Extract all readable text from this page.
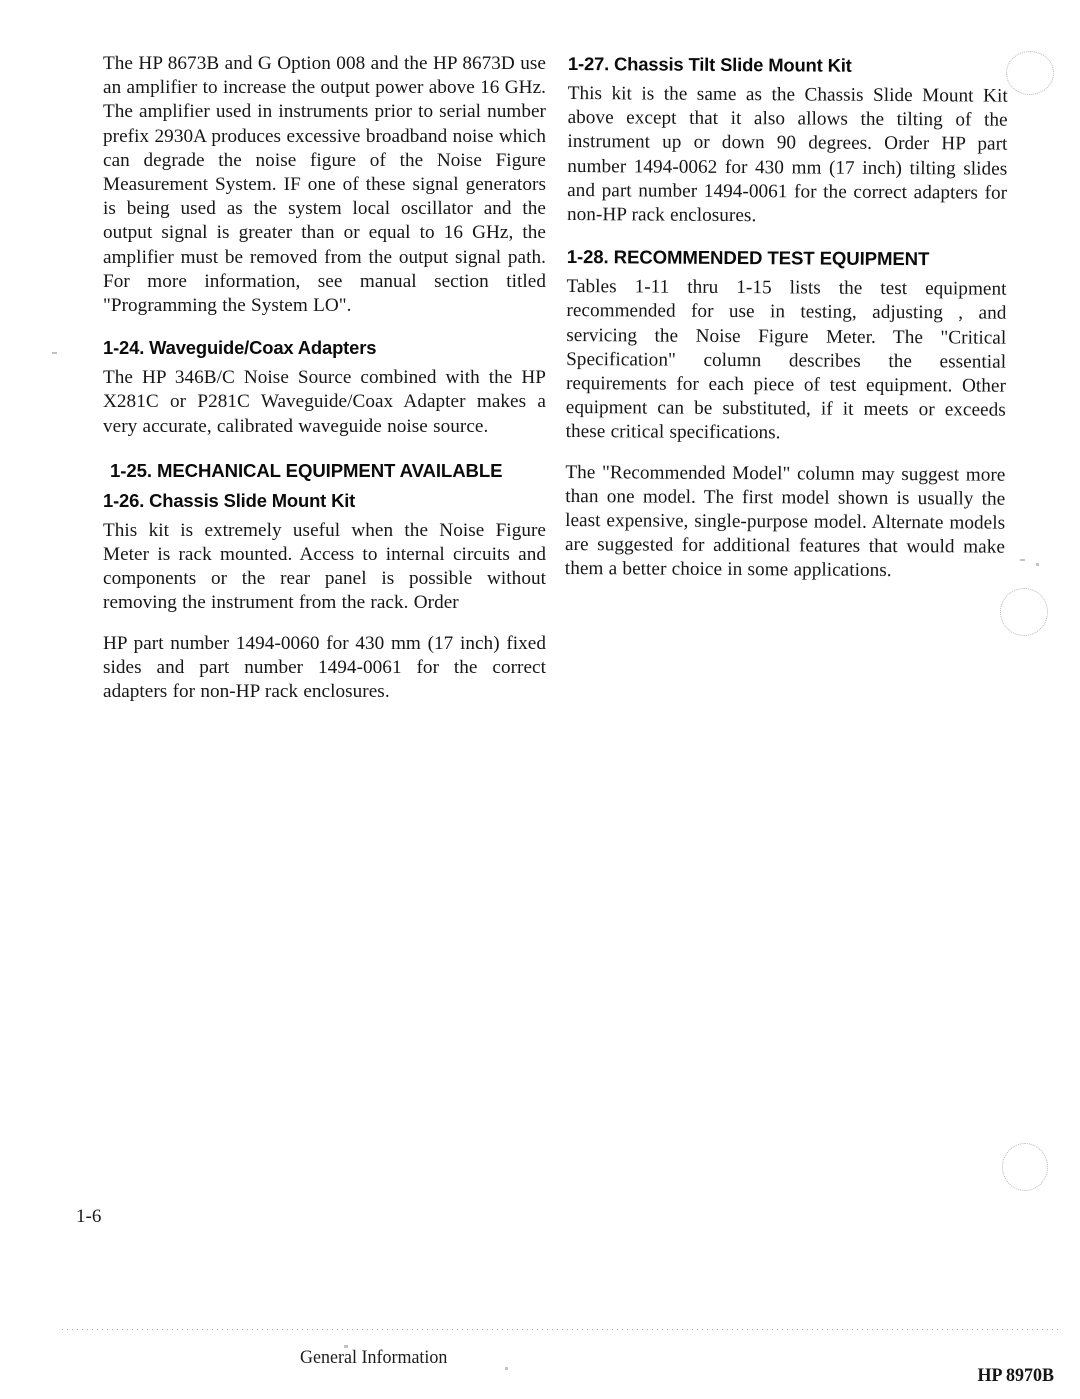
The HP 8673B and G Option 008 and the HP 8673D use an amplifier to increase the output power above 16 GHz. The amplifier used in instruments prior to serial number prefix 2930A produces excessive broadband noise which can degrade the noise figure of the Noise Figure Measurement System. IF one of these signal generators is being used as the system local oscillator and the output signal is greater than or equal to 16 GHz, the amplifier must be removed from the output signal path. For more information, see manual section titled "Programming the System LO".

1-24. Waveguide/Coax Adapters

The HP 346B/C Noise Source combined with the HP X281C or P281C Waveguide/Coax Adapter makes a very accurate, calibrated waveguide noise source.

1-25. MECHANICAL EQUIPMENT AVAILABLE
1-26. Chassis Slide Mount Kit

This kit is extremely useful when the Noise Figure Meter is rack mounted. Access to internal circuits and components or the rear panel is possible without removing the instrument from the rack. Order

HP part number 1494-0060 for 430 mm (17 inch) fixed sides and part number 1494-0061 for the correct adapters for non-HP rack enclosures.

1-27. Chassis Tilt Slide Mount Kit

This kit is the same as the Chassis Slide Mount Kit above except that it also allows the tilting of the instrument up or down 90 degrees. Order HP part number 1494-0062 for 430 mm (17 inch) tilting slides and part number 1494-0061 for the correct adapters for non-HP rack enclosures.

1-28. RECOMMENDED TEST EQUIPMENT

Tables 1-11 thru 1-15 lists the test equipment recommended for use in testing, adjusting , and servicing the Noise Figure Meter. The "Critical Specification" column describes the essential requirements for each piece of test equipment. Other equipment can be substituted, if it meets or exceeds these critical specifications.

The "Recommended Model" column may suggest more than one model. The first model shown is usually the least expensive, single-purpose model. Alternate models are suggested for additional features that would make them a better choice in some applications.

1-6
General Information
HP 8970B
